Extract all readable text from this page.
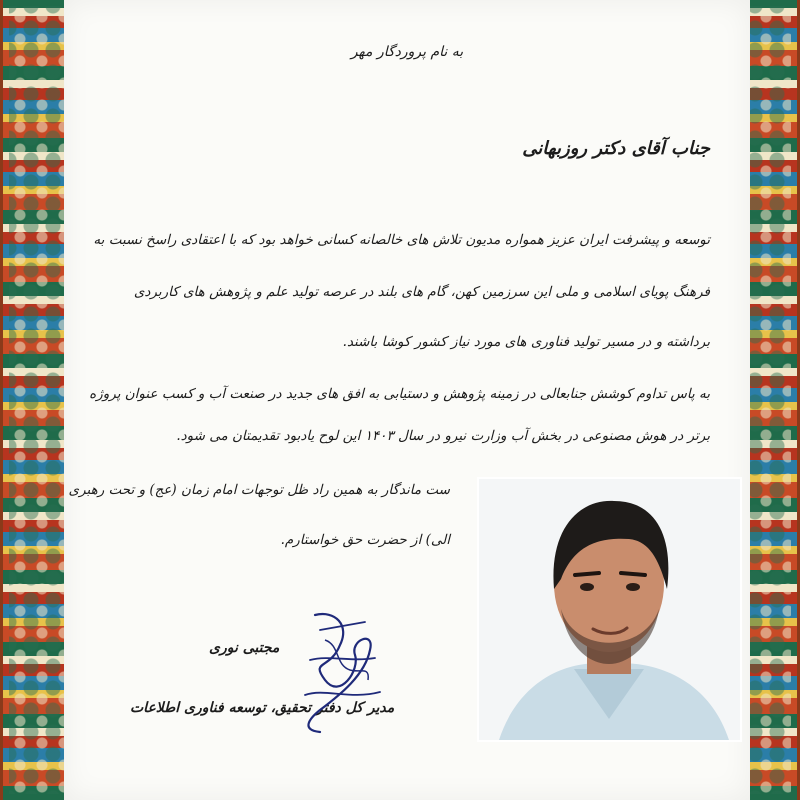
به نام پروردگار مهر
جناب آقای دکتر روزبهانی
توسعه و پیشرفت ایران عزیز همواره مدیون تلاش های خالصانه کسانی خواهد بود که با اعتقادی راسخ نسبت به
فرهنگ پویای اسلامی و ملی این سرزمین کهن، گام های بلند در عرصه تولید علم و پژوهش های کاربردی
برداشته و در مسیر تولید فناوری های مورد نیاز کشور کوشا باشند.
به پاس تداوم کوشش جنابعالی در زمینه پژوهش و دستیابی به افق های جدید در صنعت آب و کسب عنوان پروژه
برتر در هوش مصنوعی در بخش آب وزارت نیرو در سال ۱۴۰۳ این لوح یادبود تقدیمتان می شود.
ست ماندگار به همین راد ظل توجهات امام زمان (عج) و تحت رهبری
الی) از حضرت حق خواستارم.
مجتبی نوری
مدیر کل دفتر تحقیق، توسعه فناوری اطلاعات
